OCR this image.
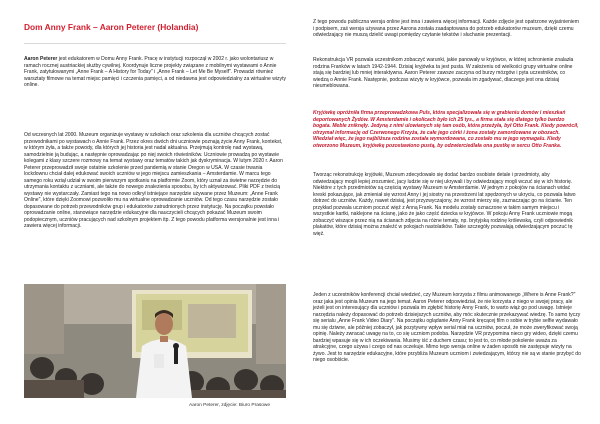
Dom Anny Frank – Aaron Peterer (Holandia)

Aaron Peterer jest edukatorem w Domu Anny Frank. Pracę w instytucji rozpoczął w 2002 r. jako wolontariusz w ramach rocznej austriackiej służby cywilnej. Koordynuje liczne projekty związane z mobilnymi wystawami o Annie Frank, zatytułowanymi „Anne Frank – A History for Today" i „Anne Frank – Let Me Be Myself". Prowadzi również warsztaty filmowe na temat miejsc pamięci i czczenia pamięci, a od niedawna jest odpowiedzialny za wirtualne wizyty online.

Od wczesnych lat 2000. Muzeum organizuje wystawy w szkołach oraz szkolenia dla uczniów chcących zostać przewodnikami po wystawach o Annie Frank. Przez okres dwóch dni uczniowie poznają życie Anny Frank, kontekst, w którym żyła, a także powody, dla których jej historia jest nadal aktualna. Przejmują kontrolę nad wystawą, samodzielnie ją budując, a następnie oprowadzając po niej swoich rówieśników. Uczniowie prowadzą po wystawie kolegami z klasy szczere rozmowy na temat wystawy oraz tematów takich jak dyskryminacja. W lutym 2020 r. Aaron Peterer przeprowadził swoje ostatnie szkolenie przed pandemią w stanie Oregon w USA. W czasie trwania lockdownu chciał dalej edukować swoich uczniów w jego miejscu zamieszkania – Amsterdamie. W marcu tego samego roku wziął udział w swoim pierwszym spotkaniu na platformie Zoom, który uznał za świetne narzędzie do utrzymania kontaktu z uczniami, ale także do nowego znalezienia sposobu, by ich aktywizować. Pliki PDF z treścią wystawy nie wystarczały. Zamiast tego na nowo odkrył istniejące narzędzie używane przez Muzeum: „Anne Frank Online", które dzięki Zoomowi pozwoliło mu na wirtualne oprowadzanie uczniów. Od tego czasu narzędzie zostało dopasowane do potrzeb przewodników grup i edukatorów zatrudnionych przez instytucję. Na początku powstało oprowadzanie online, stanowiące narzędzie edukacyjne dla nauczycieli chcących pokazać Muzeum swoim podopiecznym, uczniów pracujących nad szkolnym projektem itp. Z tego powodu platforma wersjonalnie jest inna i zawiera więcej informacji.

Aaron Peterer, zdjęcie: Biuro Prasowe

Z tego powodu publiczna wersja online jest inna i zawiera więcej informacji. Każde zdjęcie jest opatrzone wyjaśnieniem i podpisem, zaś wersja używana przez Aarona została zaadaptowana do potrzeb edukatorów muzeum, dzięki czemu odwiedzający nie muszą dzielić uwagi pomiędzy czytanie tekstów i słuchanie prezentacji.

Rekonstrukcja VR pozwala uczestnikom zobaczyć warunki, jakie panowały w kryjówce, w której schronienie znalazła rodzina Franków w latach 1942-1944. Dzisiaj kryjówka ta jest pusta. W założeniu od wielkości grupy wirtualne online stają się bardziej lub mniej interaktywna. Aaron Peterer zawsze zaczyna od burzy mózgów i pyta uczestników, co wiedzą o Annie Frank. Następnie, podczas wizyty w kryjówce, pozwala im zgadywać, dlaczego jest ona dzisiaj nieumeblowana.

Kryjówkę opróżniła firma przeprowadzkowa Puls, która specjalizowała się w grabieniu domów i mieszkań deportowanych Żydów. W Amsterdamie i okolicach było ich 25 tys., a firma stała się dlatego tylko bardzo bogata. Meble zniknęły. Jedyną z nimi ulowianych się tam osób, która przeżyła, był Otto Frank. Kiedy powrócił, otrzymał informację od Czerwonego Krzyża, że całe jego córki i żona zostały zamordowane w obozach. Wiedział więc, że jego najbliższa rodzina została wymordowana, co zostało mu w jego wymagalu. Kiedy otworzono Muzeum, kryjówkę pozostawiono pustą, by odzwierciedlała ona pustkę w sercu Otto Franka.

Tworząc rekonstrukcję kryjówki, Muzeum zdecydowało się dodać bardzo osobiste detale i przedmioty, aby odwiedzający mogli lepiej zrozumieć, jacy ludzie się w niej ukrywali i by odwiedzający mogli wczuć się w ich historię. Niektóre z tych przedmiotów są częścią wystawy Muzeum w Amsterdamie. W jednym z pokojów na ścianach widać kreski pokazujące, jak zmieniał się wzrost Anny i jej siostry na przestrzeni lat spędzonych w ukryciu, co pozwala łatwo dotrzeć do uczniów. Każdy, nawet dzisiaj, jest przyzwyczajony, że wzrost mierzy się, zaznaczając go na ścianie. Ten przykład pozwala uczniom poczuć więź z Anną Frank. Na modelu zostały oznaczone w takim samym miejscu i wszystkie kartki, naklejone na ścianę, jako że jako część dziecka w kryjówce. W pokoju Anny Frank uczniowie mogą zobaczyć wiszące przez nią na ścianach zdjęcia na różne tematy, np. brytyjską rodzinę królewską, czyli odpowiednik plakatów, które dzisiaj można znaleźć w pokojach nastolatków. Takie szczegóły pozwalają odwiedzającym poczuć tę więź.

Jeden z uczestników konferencji chciał wiedzieć, czy Muzeum korzysta z filmu animowanego „Where is Anne Frank?" oraz jaka jest opinia Muzeum na jego temat. Aaron Peterer odpowiedział, że nie korzysta z niego w swojej pracy, ale jeżeli jest on interesujący dla uczniów i pozwala im zgłębić historię Anny Frank, to warto wiąż go pod uwagę. Istnieje narzędzia należy dopasować do potrzeb dzisiejszych uczniów, aby móc skutecznie przekazywać wiedzę. To samo tyczy się serialu „Anne Frank Video Diary". Na początku oglądanie Anny Frank kręcącej film o sobie w trybie selfie wydawało mu się dziwne, ale później zobaczył, jak pozytywny wpływ serial miał na uczniów, poczuł, że może zweryfikować swoją opinię. Należy zwracać uwagę na to, co się uczniom podoba. Narzędzie VR przypomina nieco gry wideo, dzięki czemu bardziej wpasuje się w ich oczekiwania. Musimy iść z duchem czasu; to jest to, co młode pokolenie uważa za atrakcyjne, czego używa i czego od nas oczekuje. Mimo tego wersja online w żaden sposób nie zastępuje wizyty na żywo. Jest to narzędzie edukacyjne, które przybliża Muzeum uczniom i zwiedzającym, którzy nie są w stanie przybyć do niego osobiście.
